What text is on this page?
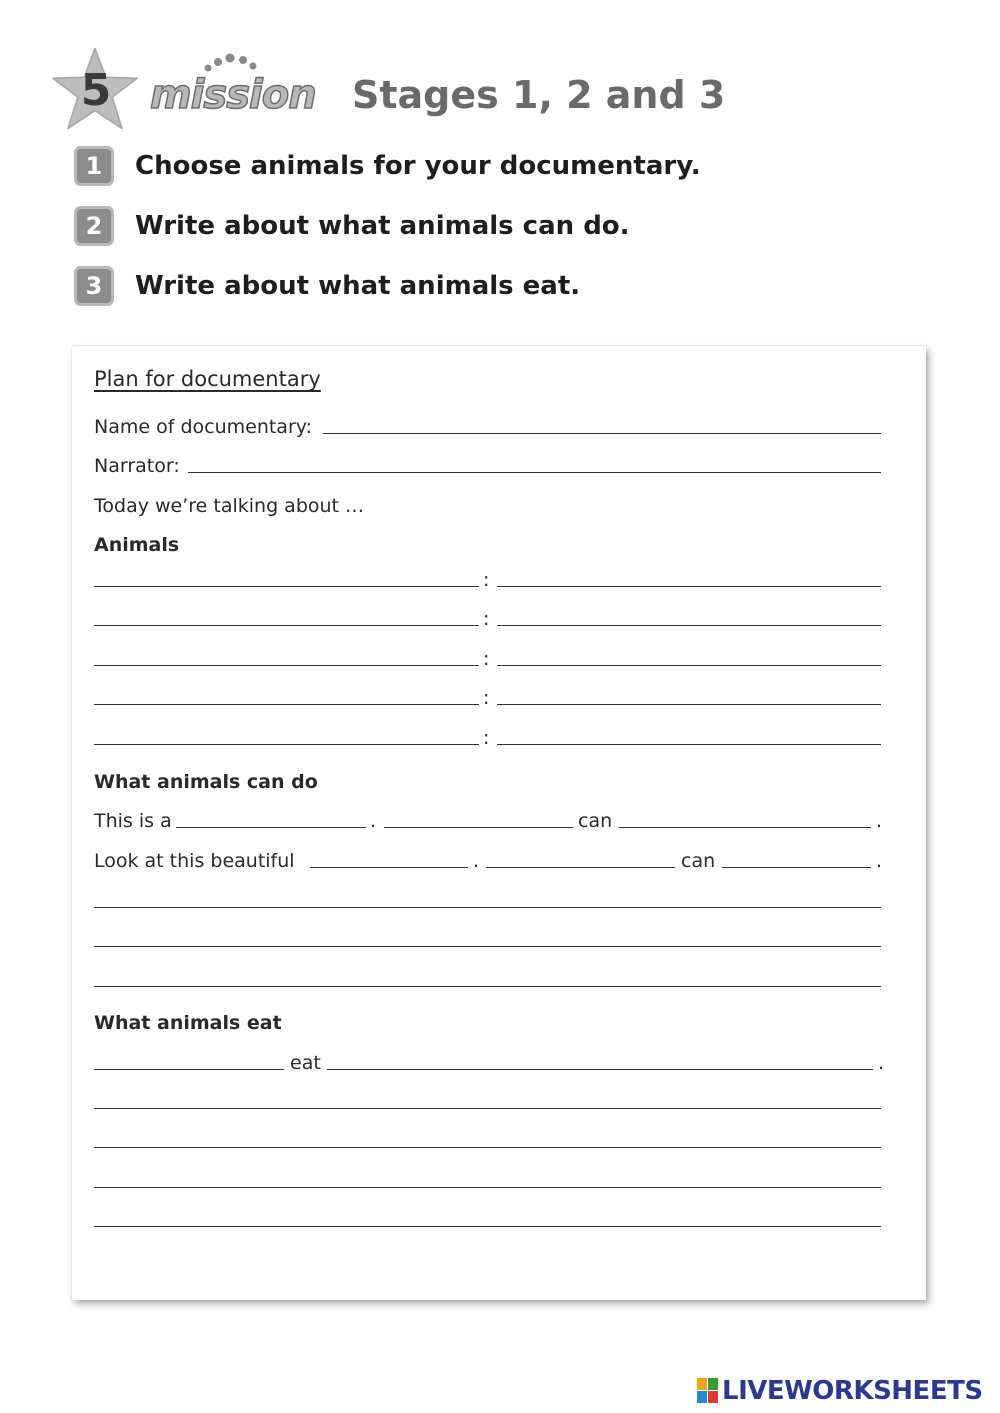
5 mission Stages 1, 2 and 3
1	Choose animals for your documentary.
2	Write about what animals can do.
3	Write about what animals eat.
Plan for documentary
Name of documentary:
Narrator:
Today we’re talking about …
Animals
:
:
:
:
:
What animals can do
This is a	.	can	.
Look at this beautiful	.	can	.
What animals eat
eat	.
LIVEWORKSHEETS
